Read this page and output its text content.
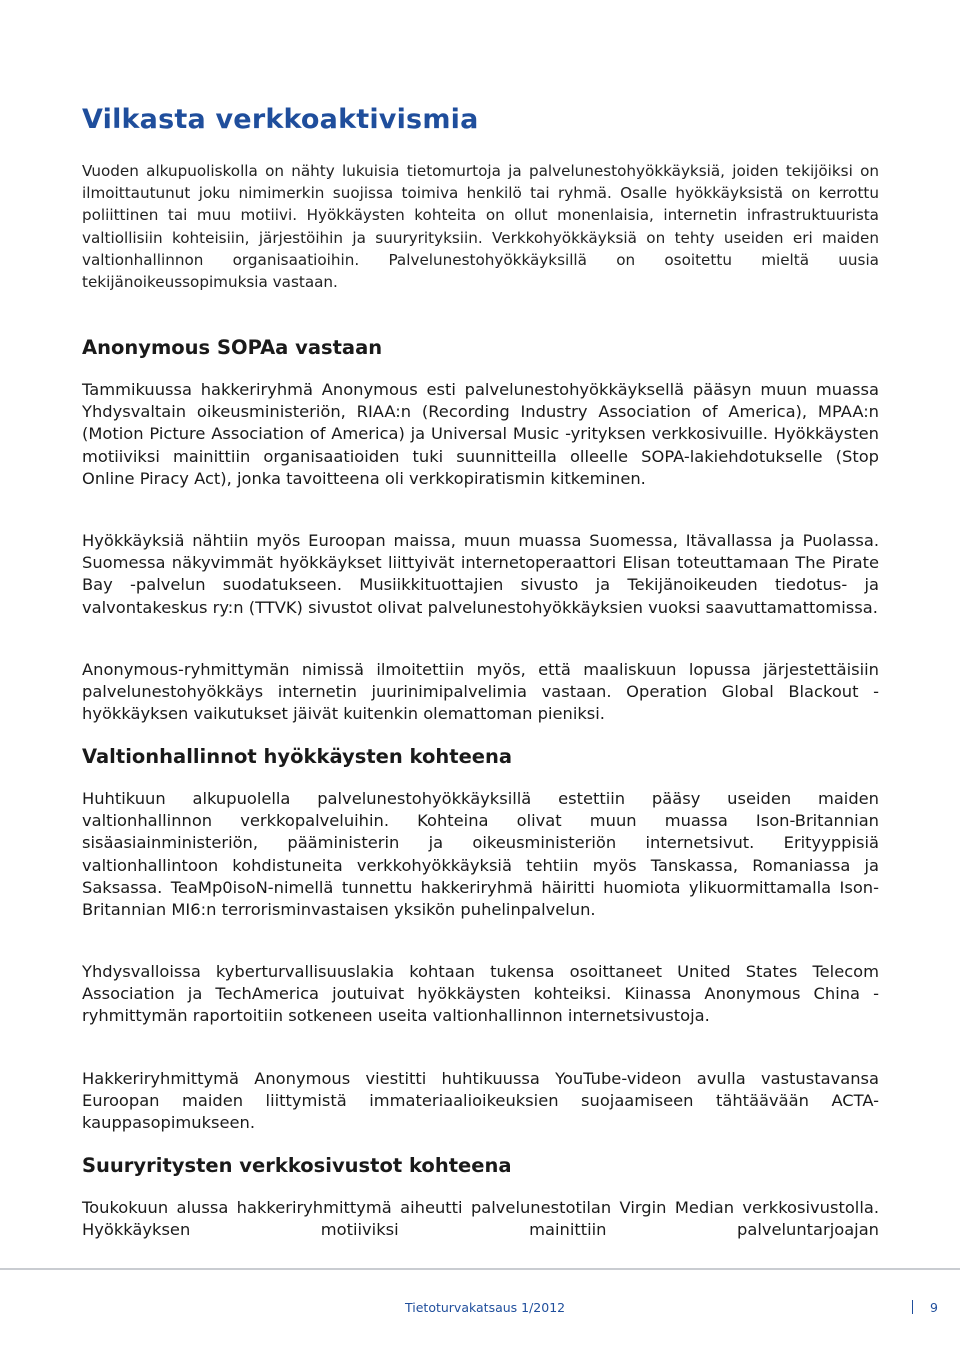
Vilkasta verkkoaktivismia

Vuoden alkupuoliskolla on nähty lukuisia tietomurtoja ja palvelunestohyökkäyksiä, joiden tekijöiksi on ilmoittautunut joku nimimerkin suojissa toimiva henkilö tai ryhmä. Osalle hyökkäyksistä on kerrottu poliittinen tai muu motiivi. Hyökkäysten kohteita on ollut monenlaisia, internetin infrastruktuurista valtiollisiin kohteisiin, järjestöihin ja suuryrityksiin. Verkkohyökkäyksiä on tehty useiden eri maiden valtionhallinnon organisaatioihin. Palvelunestohyökkäyksillä on osoitettu mieltä uusia tekijänoikeussopimuksia vastaan.

Anonymous SOPAa vastaan

Tammikuussa hakkeriryhmä Anonymous esti palvelunestohyökkäyksellä pääsyn muun muassa Yhdysvaltain oikeusministeriön, RIAA:n (Recording Industry Association of America), MPAA:n (Motion Picture Association of America) ja Universal Music -yrityksen verkkosivuille. Hyökkäysten motiiviksi mainittiin organisaatioiden tuki suunnitteilla olleelle SOPA-lakiehdotukselle (Stop Online Piracy Act), jonka tavoitteena oli verkkopiratismin kitkeminen.

Hyökkäyksiä nähtiin myös Euroopan maissa, muun muassa Suomessa, Itävallassa ja Puolassa. Suomessa näkyvimmät hyökkäykset liittyivät internetoperaattori Elisan toteuttamaan The Pirate Bay -palvelun suodatukseen. Musiikkituottajien sivusto ja Tekijänoikeuden tiedotus- ja valvontakeskus ry:n (TTVK) sivustot olivat palvelunestohyökkäyksien vuoksi saavuttamattomissa.

Anonymous-ryhmittymän nimissä ilmoitettiin myös, että maaliskuun lopussa järjestettäisiin palvelunestohyökkäys internetin juurinimipalvelimia vastaan. Operation Global Blackout -hyökkäyksen vaikutukset jäivät kuitenkin olemattoman pieniksi.

Valtionhallinnot hyökkäysten kohteena

Huhtikuun alkupuolella palvelunestohyökkäyksillä estettiin pääsy useiden maiden valtionhallinnon verkkopalveluihin. Kohteina olivat muun muassa Ison-Britannian sisäasiainministeriön, pääministerin ja oikeusministeriön internetsivut. Erityyppisiä valtionhallintoon kohdistuneita verkkohyökkäyksiä tehtiin myös Tanskassa, Romaniassa ja Saksassa. TeaMp0isoN-nimellä tunnettu hakkeriryhmä häiritti huomiota ylikuormittamalla Ison-Britannian MI6:n terrorisminvastaisen yksikön puhelinpalvelun.

Yhdysvalloissa kyberturvallisuuslakia kohtaan tukensa osoittaneet United States Telecom Association ja TechAmerica joutuivat hyökkäysten kohteiksi. Kiinassa Anonymous China -ryhmittymän raportoitiin sotkeneen useita valtionhallinnon internetsivustoja.

Hakkeriryhmittymä Anonymous viestitti huhtikuussa YouTube-videon avulla vastustavansa Euroopan maiden liittymistä immateriaalioikeuksien suojaamiseen tähtäävään ACTA-kauppasopimukseen.

Suuryritysten verkkosivustot kohteena

Toukokuun alussa hakkeriryhmittymä aiheutti palvelunestotilan Virgin Median verkkosivustolla. Hyökkäyksen motiiviksi mainittiin palveluntarjoajan

Tietoturvakatsaus 1/2012	9
